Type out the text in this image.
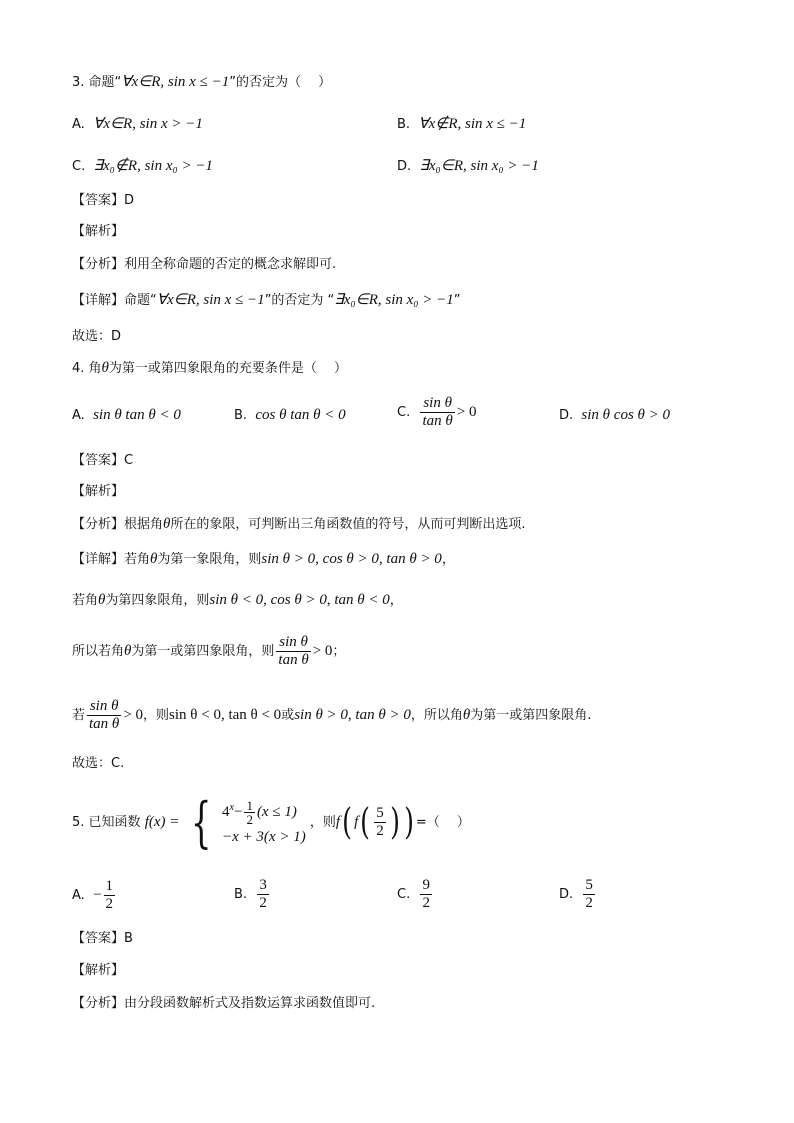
3. 命题“∀x∈R, sin x ≤ −1”的否定为（　 ）
A. ∀x∈R, sin x > −1	B. ∀x∉R, sin x ≤ −1
C. ∃x₀∉R, sin x₀ > −1	D. ∃x₀∈R, sin x₀ > −1
【答案】D
【解析】
【分析】利用全称命题的否定的概念求解即可.
【详解】命题“∀x∈R, sin x ≤ −1”的否定为 “∃x₀∈R, sin x₀ > −1”
故选：D
4. 角θ为第一或第四象限角的充要条件是（　 ）
A. sin θ tan θ < 0	B. cos θ tan θ < 0	C. $\frac{\text{sin θ}}{\text{tan θ}} > 0$	D. sin θ cos θ > 0
【答案】C
【解析】
【分析】根据角θ所在的象限，可判断出三角函数值的符号，从而可判断出选项.
【详解】若角θ为第一象限角，则sin θ > 0, cos θ > 0, tan θ > 0，
若角θ为第四象限角，则sin θ < 0, cos θ > 0, tan θ < 0，
所以若角θ为第一或第四象限角，则 $\frac{\text{sin θ}}{\text{tan θ}} > 0$；
若 $\frac{\text{sin θ}}{\text{tan θ}} > 0$，则sin θ < 0, tan θ < 0或sin θ > 0, tan θ > 0，所以角θ为第一或第四象限角.
故选：C.
5. 已知函数 f(x) = { $4^x- \frac{1}{2} (x \le 1)$
−x + 3(x > 1)
，则f( $f( \frac{5}{2}$ ) ) =（　 ）
A. − $\frac{1}{2}$	B. $\frac{3}{2}$	C. $\frac{9}{2}$	D. $\frac{5}{2}$
【答案】B
【解析】
【分析】由分段函数解析式及指数运算求函数值即可.
